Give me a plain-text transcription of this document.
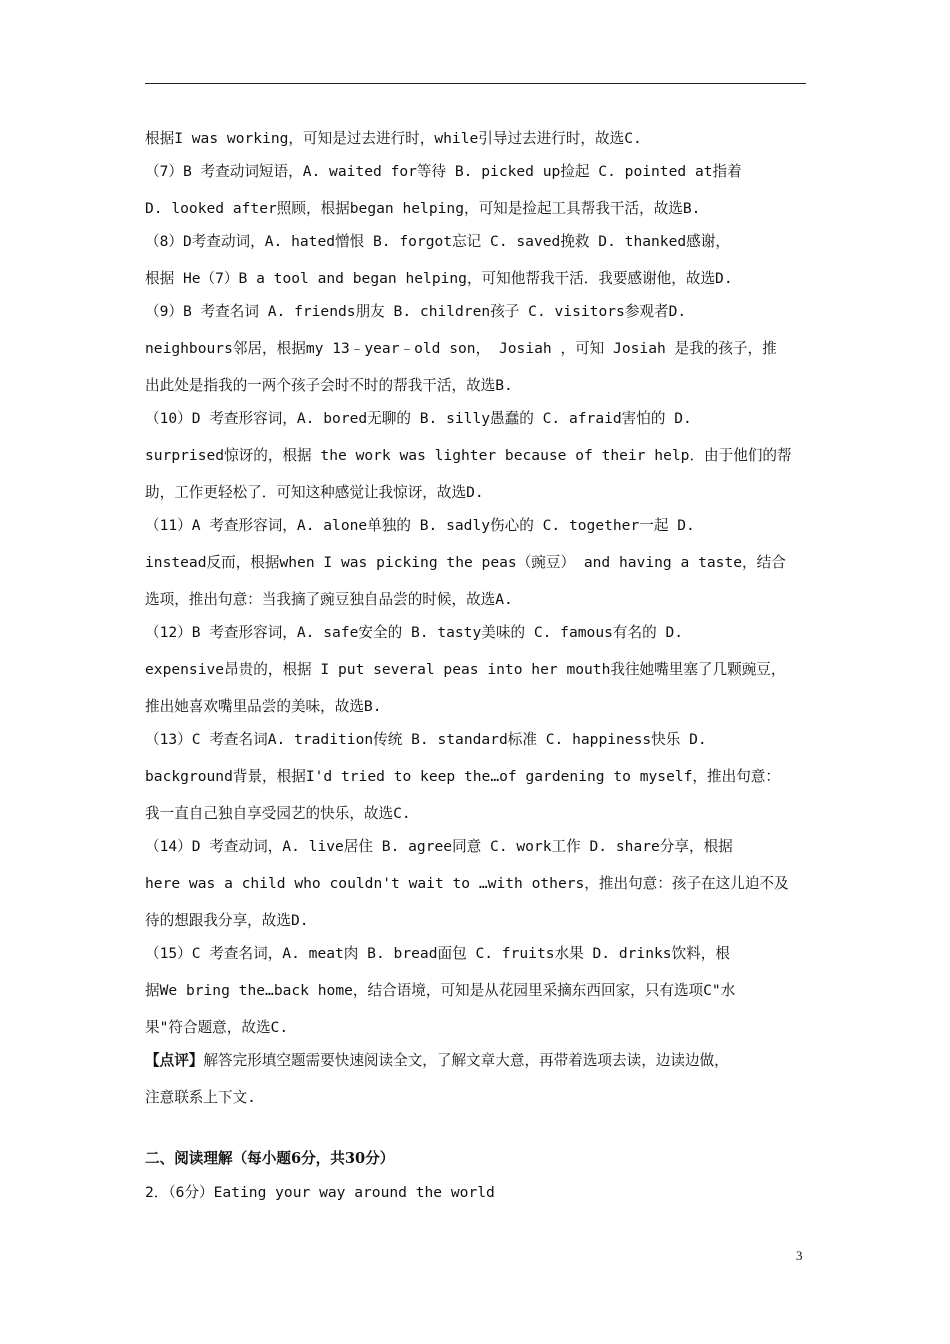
根据I was working，可知是过去进行时，while引导过去进行时，故选C.
（7）B 考查动词短语，A. waited for等待 B. picked up捡起 C. pointed at指着
D. looked after照顾，根据began helping，可知是捡起工具帮我干活，故选B.
（8）D考查动词，A. hated憎恨 B. forgot忘记 C. saved挽救 D. thanked感谢，
根据 He（7）B a tool and began helping，可知他帮我干活．我要感谢他，故选D.
（9）B 考查名词 A. friends朋友 B. children孩子 C. visitors参观者D.
neighbours邻居，根据my 13﹣year﹣old son， Josiah ，可知 Josiah 是我的孩子，推
出此处是指我的一两个孩子会时不时的帮我干活，故选B.
（10）D 考查形容词，A. bored无聊的 B. silly愚蠢的 C. afraid害怕的 D.
surprised惊讶的，根据 the work was lighter because of their help．由于他们的帮
助，工作更轻松了．可知这种感觉让我惊讶，故选D.
（11）A 考查形容词，A. alone单独的 B. sadly伤心的 C. together一起 D.
instead反而，根据when I was picking the peas（豌豆） and having a taste，结合
选项，推出句意：当我摘了豌豆独自品尝的时候，故选A.
（12）B 考查形容词，A. safe安全的 B. tasty美味的 C. famous有名的 D.
expensive昂贵的，根据 I put several peas into her mouth我往她嘴里塞了几颗豌豆，
推出她喜欢嘴里品尝的美味，故选B.
（13）C 考查名词A. tradition传统 B. standard标准 C. happiness快乐 D.
background背景，根据I'd tried to keep the…of gardening to myself，推出句意：
我一直自己独自享受园艺的快乐，故选C.
（14）D 考查动词，A. live居住 B. agree同意 C. work工作 D. share分享，根据
here was a child who couldn't wait to …with others，推出句意：孩子在这儿迫不及
待的想跟我分享，故选D.
（15）C 考查名词，A. meat肉 B. bread面包 C. fruits水果 D. drinks饮料，根
据We bring the…back home，结合语境，可知是从花园里采摘东西回家，只有选项C"水
果"符合题意，故选C.
【点评】解答完形填空题需要快速阅读全文，了解文章大意，再带着选项去读，边读边做，
注意联系上下文.
二、阅读理解（每小题6分，共30分）
2．（6分）Eating your way around the world
3
